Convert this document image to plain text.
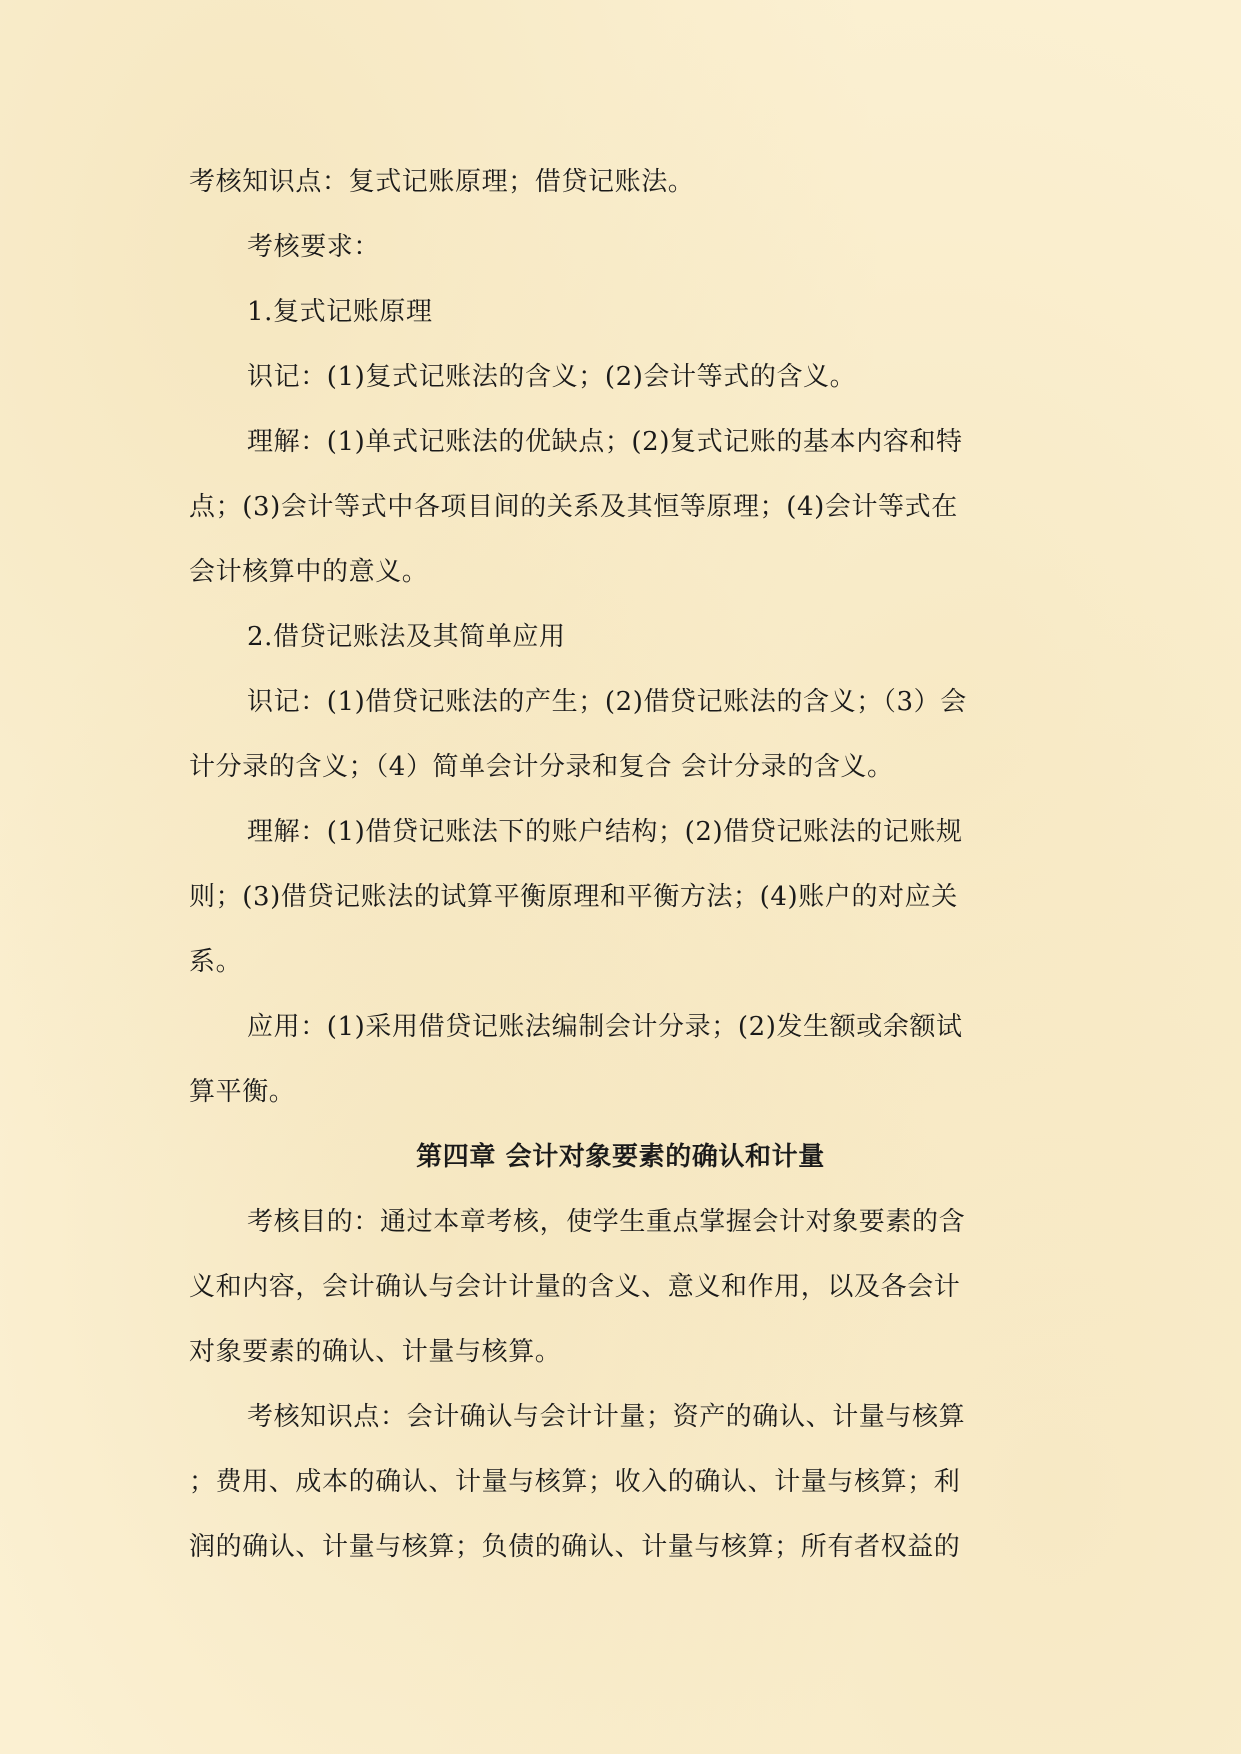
考核知识点：复式记账原理；借贷记账法。
考核要求：
1.复式记账原理
识记：(1)复式记账法的含义；(2)会计等式的含义。
理解：(1)单式记账法的优缺点；(2)复式记账的基本内容和特
点；(3)会计等式中各项目间的关系及其恒等原理；(4)会计等式在
会计核算中的意义。
2.借贷记账法及其简单应用
识记：(1)借贷记账法的产生；(2)借贷记账法的含义；（3）会
计分录的含义；（4）简单会计分录和复合 会计分录的含义。
理解：(1)借贷记账法下的账户结构；(2)借贷记账法的记账规
则；(3)借贷记账法的试算平衡原理和平衡方法；(4)账户的对应关
系。
应用：(1)采用借贷记账法编制会计分录；(2)发生额或余额试
算平衡。
第四章 会计对象要素的确认和计量
考核目的：通过本章考核，使学生重点掌握会计对象要素的含
义和内容，会计确认与会计计量的含义、意义和作用，以及各会计
对象要素的确认、计量与核算。
考核知识点：会计确认与会计计量；资产的确认、计量与核算
；费用、成本的确认、计量与核算；收入的确认、计量与核算；利
润的确认、计量与核算；负债的确认、计量与核算；所有者权益的
